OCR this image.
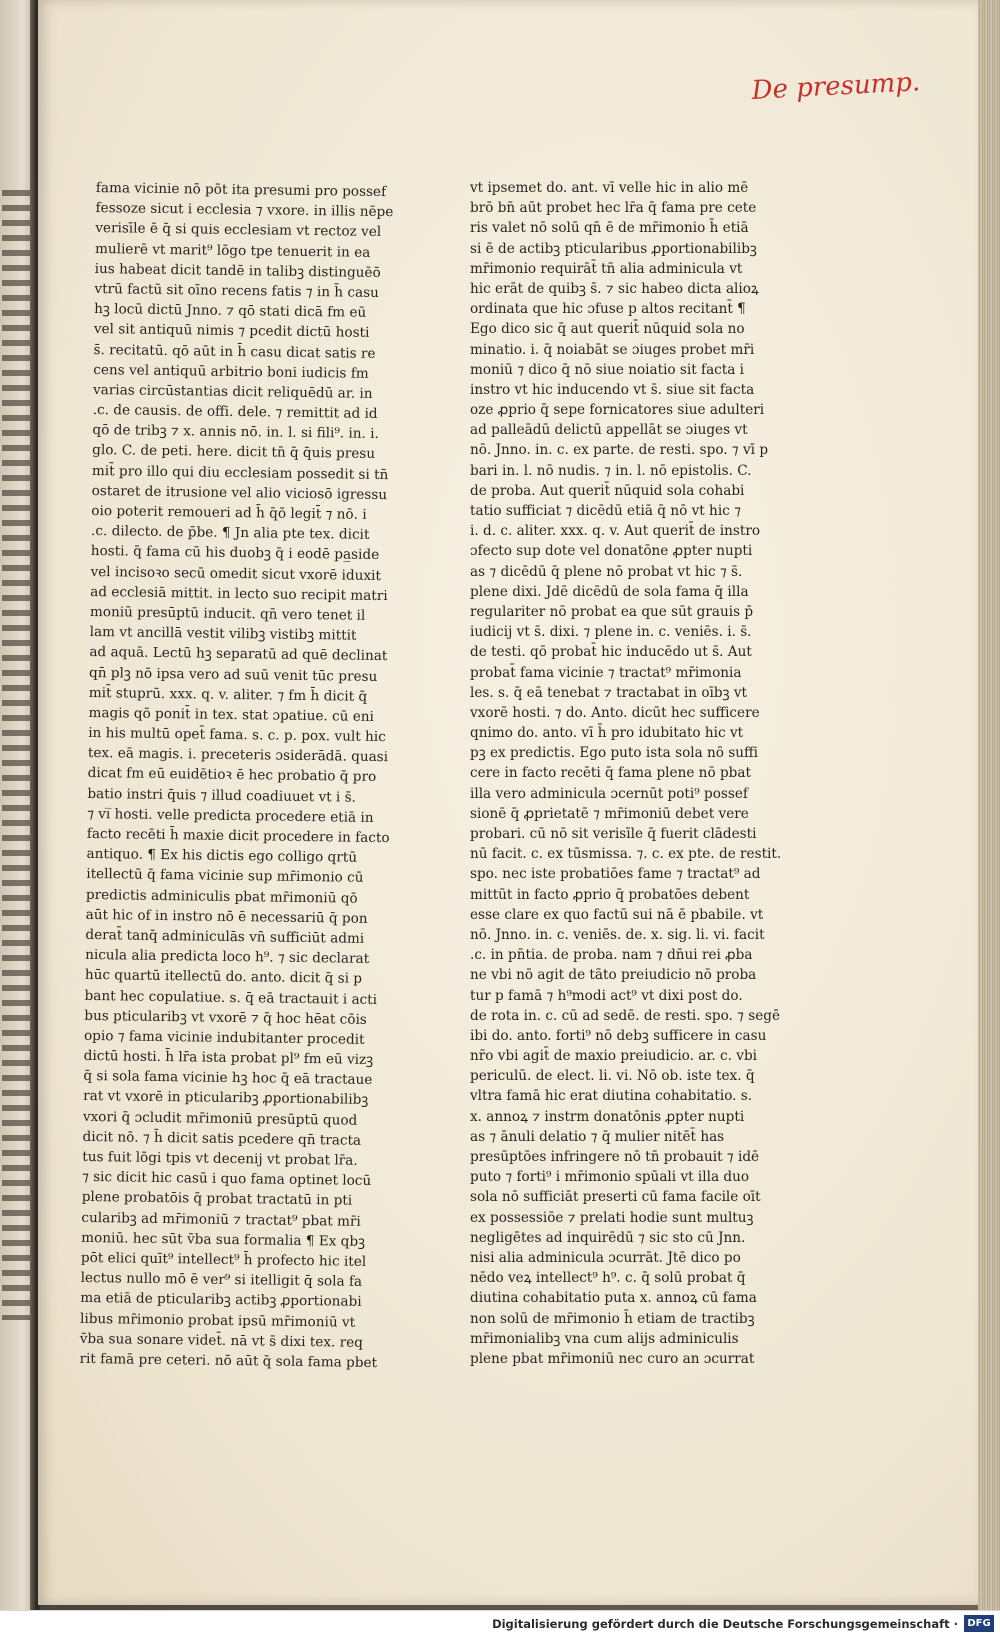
De presump.
fama vicinie nō pōt ita presumi pro possef
fessoze sicut i ecclesia ⁊ vxore. in illis nēpe
verisīle ē q̄ si quis ecclesiam vt rectoz vel
mulierē vt marit⁹ lōgo tpe tenuerit in ea
ius habeat dicit tandē in talibꝫ distinguēō
vtrū factū sit oīno recens fatis ⁊ in h̄ casu
hꝫ locū dictū Jnno. ⁊ qō stati dicā fm eū
vel sit antiquū nimis ⁊ pcedit dictū hosti
s̄. recitatū. qō aūt in h̄ casu dicat satis re
cens vel antiquū arbitrio boni iudicis fm
varias circūstantias dicit reliquēdū ar. in
.c. de causis. de offi. dele. ⁊ remittit ad id
qō de tribꝫ ⁊ x. annis nō. in. l. si fili⁹. in. i.
glo. C. de peti. here. dicit tn̄ q̄ q̄uis presu
mit̄ pro illo qui diu ecclesiam possedit si tn̄
ostaret de itrusione vel alio viciosō igressu
oio poterit remoueri ad h̄ q̄ō legit̄ ⁊ nō. i
.c. dilecto. de p̄be. ¶ Jn alia pte tex. dicit
hosti. q̄ fama cū his duobꝫ q̄ i eodē pa̲side
vel incisoꝛo secū omedit sicut vxorē iduxit
ad ecclesiā mittit. in lecto suo recipit matri
moniū presūptū inducit. qn̄ vero tenet il
lam vt ancillā vestit vilibꝫ vistibꝫ mittit
ad aquā. Lectū hꝫ separatū ad quē declinat
qn̄ plꝫ nō ipsa vero ad suū venit tūc presu
mit̄ stuprū. xxx. q. v. aliter. ⁊ fm h̄ dicit q̄
magis qō ponit̄ in tex. stat ɔpatiue. cū eni
in his multū opet̄ fama. s. c. p. pox. vult hic
tex. eā magis. i. preceteris ɔsiderādā. quasi
dicat fm eū euidētioꝛ ē hec probatio q̄ pro
batio instri q̄uis ⁊ illud coadiuuet vt i s̄.
⁊ vi̅ hosti. velle predicta procedere etiā in
facto recēti h̄ maxie dicit procedere in facto
antiquo. ¶ Ex his dictis ego colligo qrtū
itellectū q̄ fama vicinie sup mr̄imonio cū
predictis adminiculis pbat mr̄imoniū qō
aūt hic of in instro nō ē necessariū q̄ pon
derat̄ tanq̄ adminiculās vn̄ sufficiūt admi
nicula alia predicta loco h⁹. ⁊ sic declarat
hūc quartū itellectū do. anto. dicit q̄ si p
bant hec copulatiue. s. q̄ eā tractauit i acti
bus pticularibꝫ vt vxorē ⁊ q̄ hoc hēat cōis
opio ⁊ fama vicinie indubitanter procedit
dictū hosti. h̄ lr̄a ista probat pl⁹ fm eū vizꝫ
q̄ si sola fama vicinie hꝫ hoc q̄ eā tractaue
rat vt vxorē in pticularibꝫ ꝓportionabilibꝫ
vxori q̄ ɔcludit mr̄imoniū presūptū quod
dicit nō. ⁊ h̄ dicit satis pcedere qn̄ tracta
tus fuit lōgi tpis vt decenij vt probat lr̄a.
⁊ sic dicit hic casū i quo fama optinet locū
plene probatōis q̄ probat tractatū in pti
cularibꝫ ad mr̄imoniū ⁊ tractat⁹ pbat mr̄i
moniū. hec sūt v̄ba sua formalia ¶ Ex qbꝫ
pōt elici quīt⁹ intellect⁹ h̄ profecto hic itel
lectus nullo mō ē ver⁹ si itelligit q̄ sola fa
ma etiā de pticularibꝫ actibꝫ ꝓportionabi
libus mr̄imonio probat ipsū mr̄imoniū vt
v̄ba sua sonare videt̄. nā vt s̄ dixi tex. req
rit famā pre ceteri. nō aūt q̄ sola fama pbet
vt ipsemet do. ant. vī velle hic in alio mē
brō bn̄ aūt probet hec lr̄a q̄ fama pre cete
ris valet nō solū qn̄ ē de mr̄imonio h̄ etiā
si ē de actibꝫ pticularibus ꝓportionabilibꝫ
mr̄imonio requirāt̄ tn̄ alia adminicula vt
hic erāt de quibꝫ s̄. ⁊ sic habeo dicta alioꝝ
ordinata que hic ɔfuse p altos recitant̄ ¶
Ego dico sic q̄ aut querit̄ nūquid sola no
minatio. i. q̄ noiabāt se ɔiuges probet mr̄i
moniū ⁊ dico q̄ nō siue noiatio sit facta i
instro vt hic inducendo vt s̄. siue sit facta
oze ꝓprio q̄ sepe fornicatores siue adulteri
ad palleādū delictū appellāt se ɔiuges vt
nō. Jnno. in. c. ex parte. de resti. spo. ⁊ vī p
bari in. l. nō nudis. ⁊ in. l. nō epistolis. C.
de proba. Aut querit̄ nūquid sola cohabi
tatio sufficiat ⁊ dicēdū etiā q̄ nō vt hic ⁊
i. d. c. aliter. xxx. q. v. Aut querit̄ de instro
ɔfecto sup dote vel donatōne ꝓpter nupti
as ⁊ dicēdū q̄ plene nō probat vt hic ⁊ s̄.
plene dixi. Jdē dicēdū de sola fama q̄ illa
regulariter nō probat ea que sūt grauis p̄
iudicij vt s̄. dixi. ⁊ plene in. c. veniēs. i. s̄.
de testi. qō probat̄ hic inducēdo ut s̄. Aut
probat̄ fama vicinie ⁊ tractat⁹ mr̄imonia
les. s. q̄ eā tenebat ⁊ tractabat in oībꝫ vt
vxorē hosti. ⁊ do. Anto. dicūt hec sufficere
qnimo do. anto. vī h̄ pro idubitato hic vt
pꝫ ex predictis. Ego puto ista sola nō suffi
cere in facto recēti q̄ fama plene nō pbat
illa vero adminicula ɔcernūt poti⁹ possef
sionē q̄ ꝓprietatē ⁊ mr̄imoniū debet vere
probari. cū nō sit verisīle q̄ fuerit clādesti
nū facit. c. ex tūsmissa. ⁊. c. ex pte. de restit.
spo. nec iste probatiōes fame ⁊ tractat⁹ ad
mittūt in facto ꝓprio q̄ probatōes debent
esse clare ex quo factū sui nā ē pbabile. vt
nō. Jnno. in. c. veniēs. de. x. sig. li. vi. facit
.c. in pn̄tia. de proba. nam ⁊ dn̄ui rei ꝓba
ne vbi nō agit de tāto preiudicio nō proba
tur p famā ⁊ h⁹modi act⁹ vt dixi post do.
de rota in. c. cū ad sedē. de resti. spo. ⁊ segē
ibi do. anto. forti⁹ nō debꝫ sufficere in casu
nr̄o vbi agit̄ de maxio preiudicio. ar. c. vbi
periculū. de elect. li. vi. Nō ob. iste tex. q̄
vltra famā hic erat diutina cohabitatio. s.
x. annoꝝ ⁊ instrm donatōnis ꝓpter nupti
as ⁊ ānuli delatio ⁊ q̄ mulier nitēt̄ has
presūptōes infringere nō tn̄ probauit ⁊ idē
puto ⁊ forti⁹ i mr̄imonio spūali vt illa duo
sola nō sufficiāt preserti cū fama facile oīt
ex possessiōe ⁊ prelati hodie sunt multuꝫ
negligētes ad inquirēdū ⁊ sic sto cū Jnn.
nisi alia adminicula ɔcurrāt. Jtē dico po
nēdo veꝝ intellect⁹ h⁹. c. q̄ solū probat q̄
diutina cohabitatio puta x. annoꝝ cū fama
non solū de mr̄imonio h̄ etiam de tractibꝫ
mr̄imonialibꝫ vna cum alijs adminiculis
plene pbat mr̄imoniū nec curo an ɔcurrat
Digitalisierung gefördert durch die Deutsche Forschungsgemeinschaft · DFG
